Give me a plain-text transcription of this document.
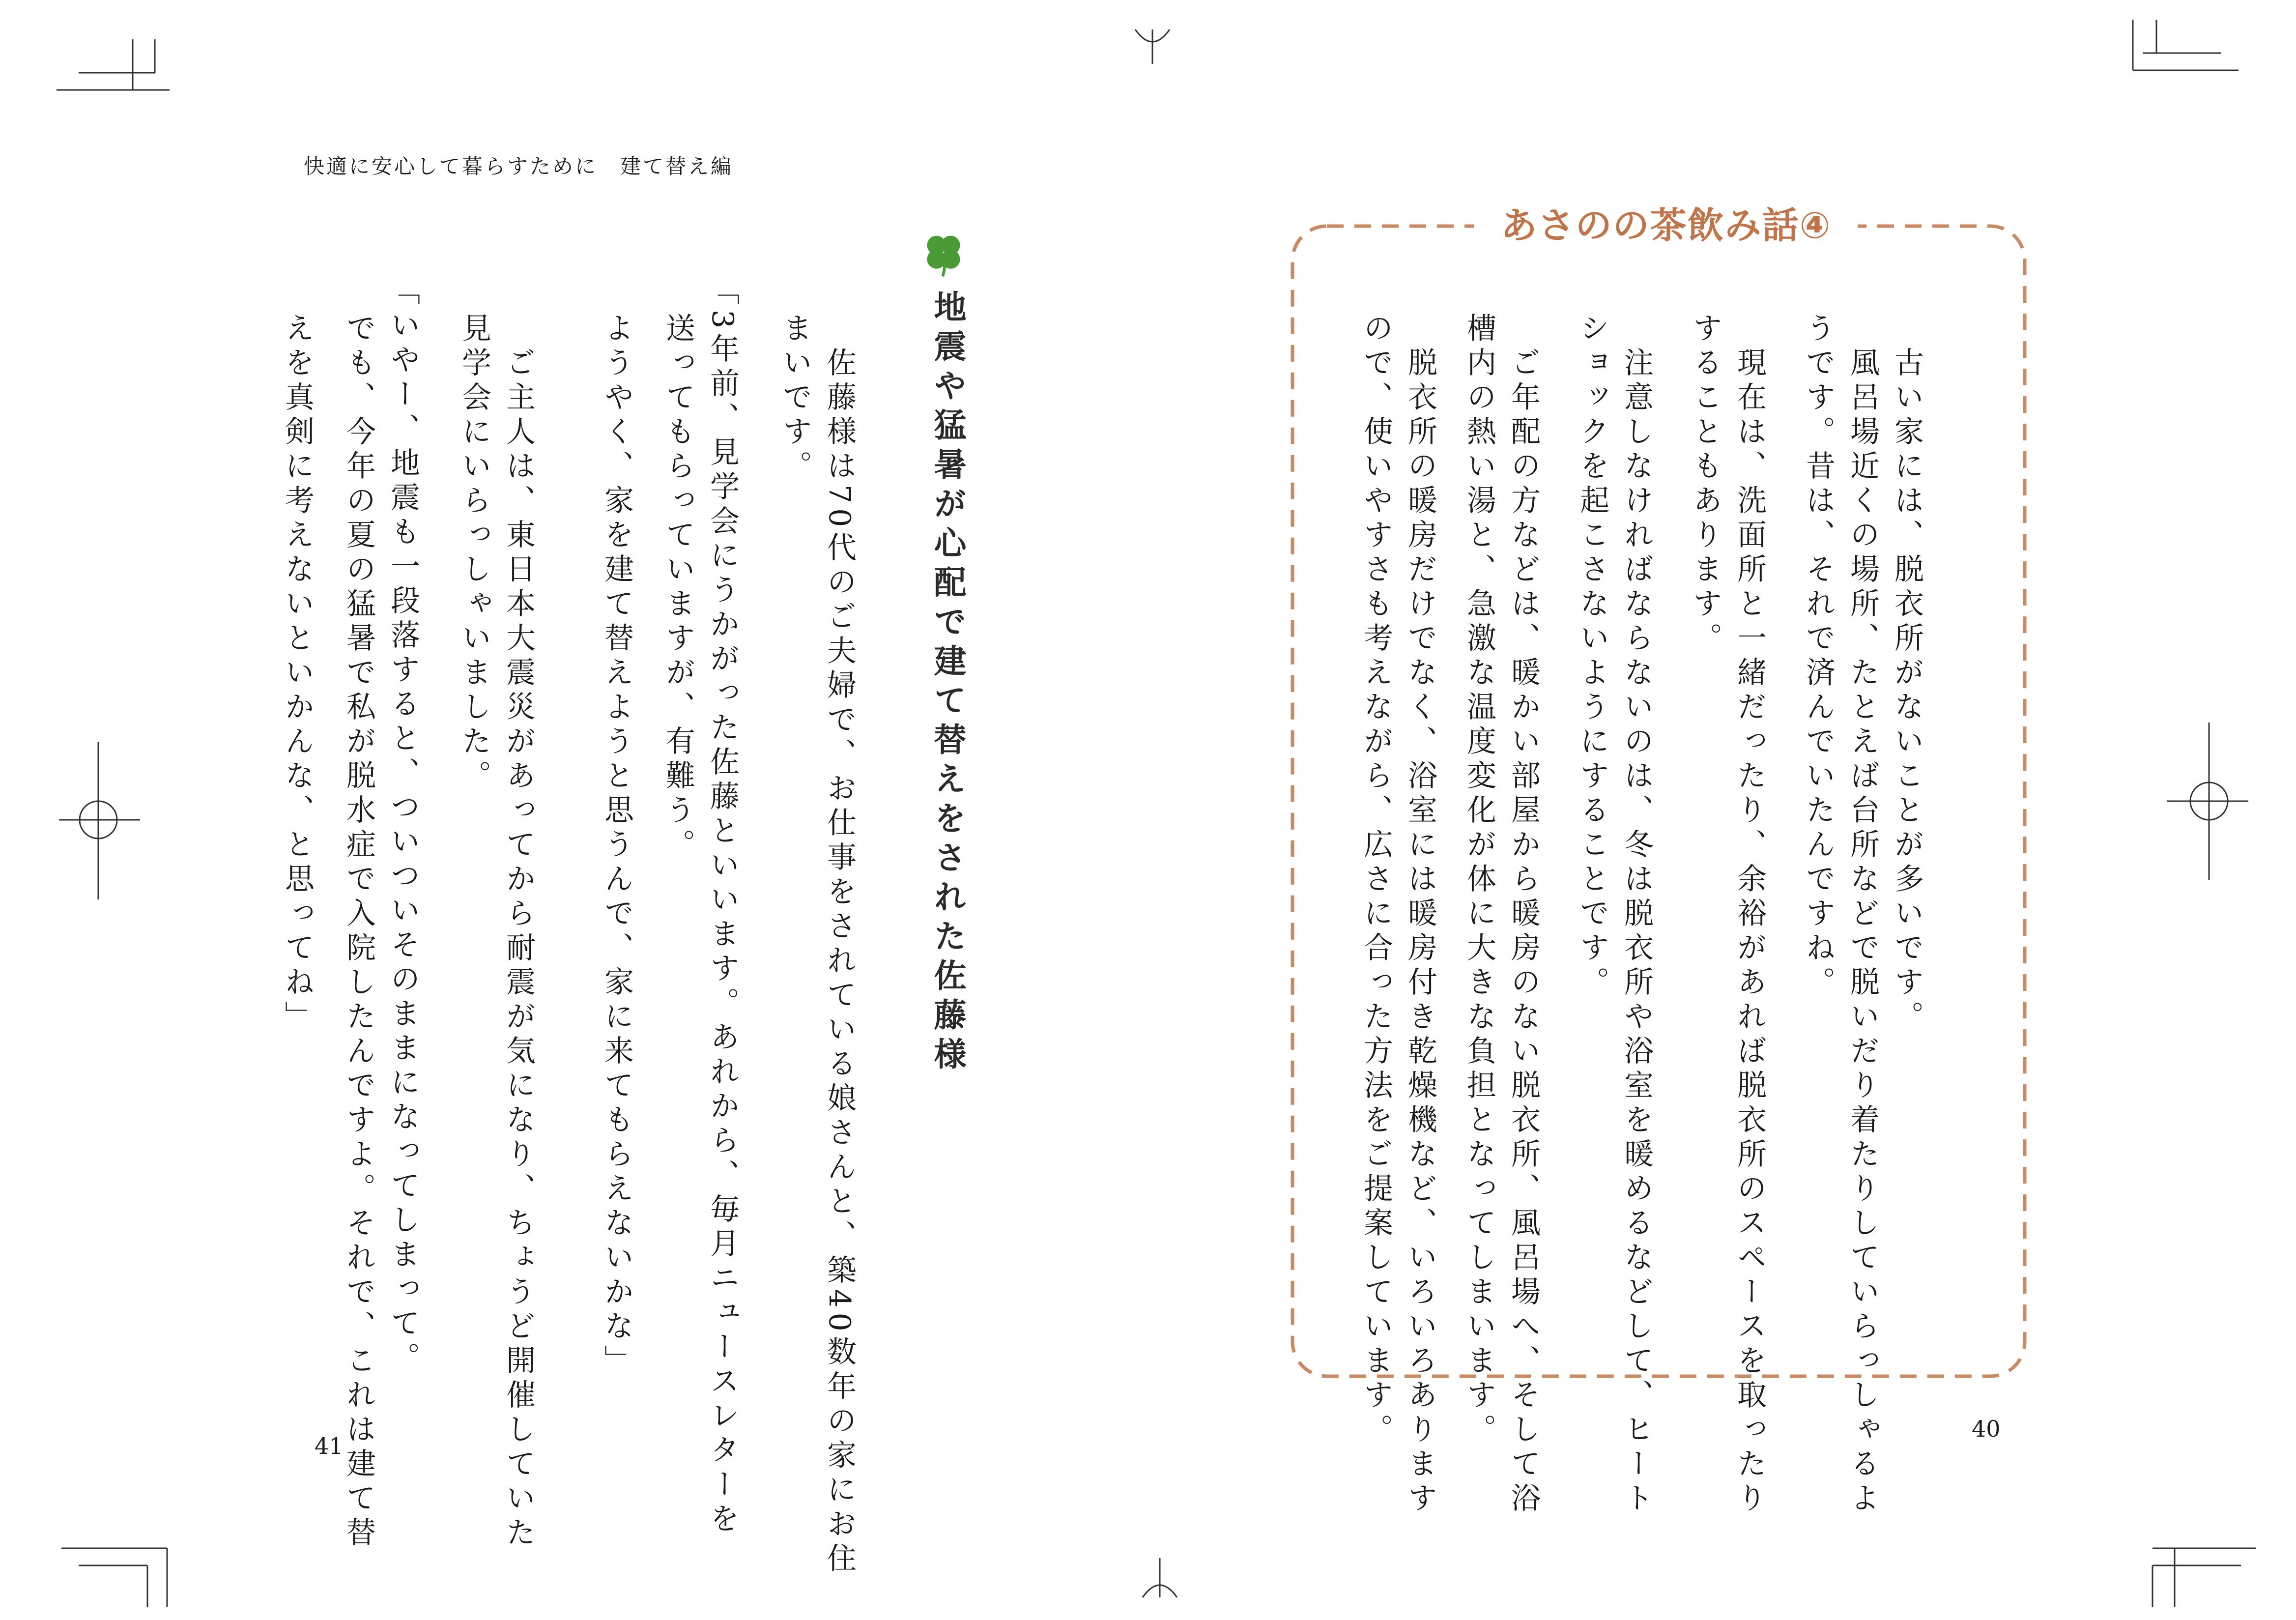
快適に安心して暮らすために　建て替え編
地震や猛暑が心配で建て替えをされた佐藤様
　佐藤様は70代のご夫婦で、お仕事をされている娘さんと、築40数年の家にお住
まいです。
「3年前、見学会にうかがった佐藤といいます。あれから、毎月ニュースレターを
送ってもらっていますが、有難う。
ようやく、家を建て替えようと思うんで、家に来てもらえないかな」
　ご主人は、東日本大震災があってから耐震が気になり、ちょうど開催していた
見学会にいらっしゃいました。
「いやー、地震も一段落すると、ついついそのままになってしまって。
でも、今年の夏の猛暑で私が脱水症で入院したんですよ。それで、これは建て替
えを真剣に考えないといかんな、と思ってね」
41
あさのの茶飲み話④
　古い家には、脱衣所がないことが多いです。
　風呂場近くの場所、たとえば台所などで脱いだり着たりしていらっしゃるよ
うです。昔は、それで済んでいたんですね。
　現在は、洗面所と一緒だったり、余裕があれば脱衣所のスペースを取ったり
することもあります。
　注意しなければならないのは、冬は脱衣所や浴室を暖めるなどして、ヒート
ショックを起こさないようにすることです。
　ご年配の方などは、暖かい部屋から暖房のない脱衣所、風呂場へ、そして浴
槽内の熱い湯と、急激な温度変化が体に大きな負担となってしまいます。
　脱衣所の暖房だけでなく、浴室には暖房付き乾燥機など、いろいろあります
ので、使いやすさも考えながら、広さに合った方法をご提案しています。	40
